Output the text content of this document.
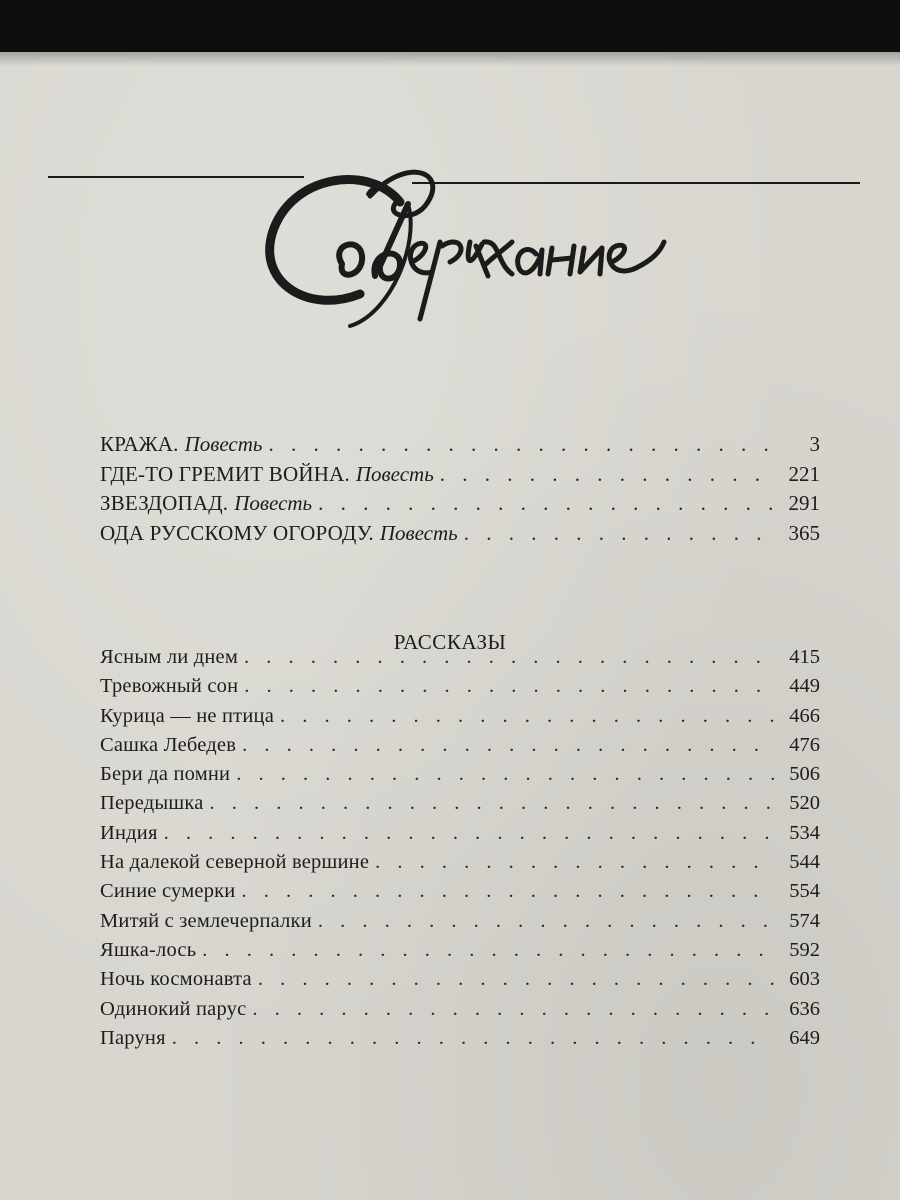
КРАЖА. Повесть . . .	3
ГДЕ-ТО ГРЕМИТ ВОЙНА. Повесть . . .	221
ЗВЕЗДОПАД. Повесть . . .	291
ОДА РУССКОМУ ОГОРОДУ. Повесть . . .	365
РАССКАЗЫ
Ясным ли днем . . .	415
Тревожный сон . . .	449
Курица — не птица . . .	466
Сашка Лебедев . . .	476
Бери да помни . . .	506
Передышка . . .	520
Индия . . .	534
На далекой северной вершине . . .	544
Синие сумерки . . .	554
Митяй с землечерпалки . . .	574
Яшка-лось . . .	592
Ночь космонавта . . .	603
Одинокий парус . . .	636
Паруня . . .	649
